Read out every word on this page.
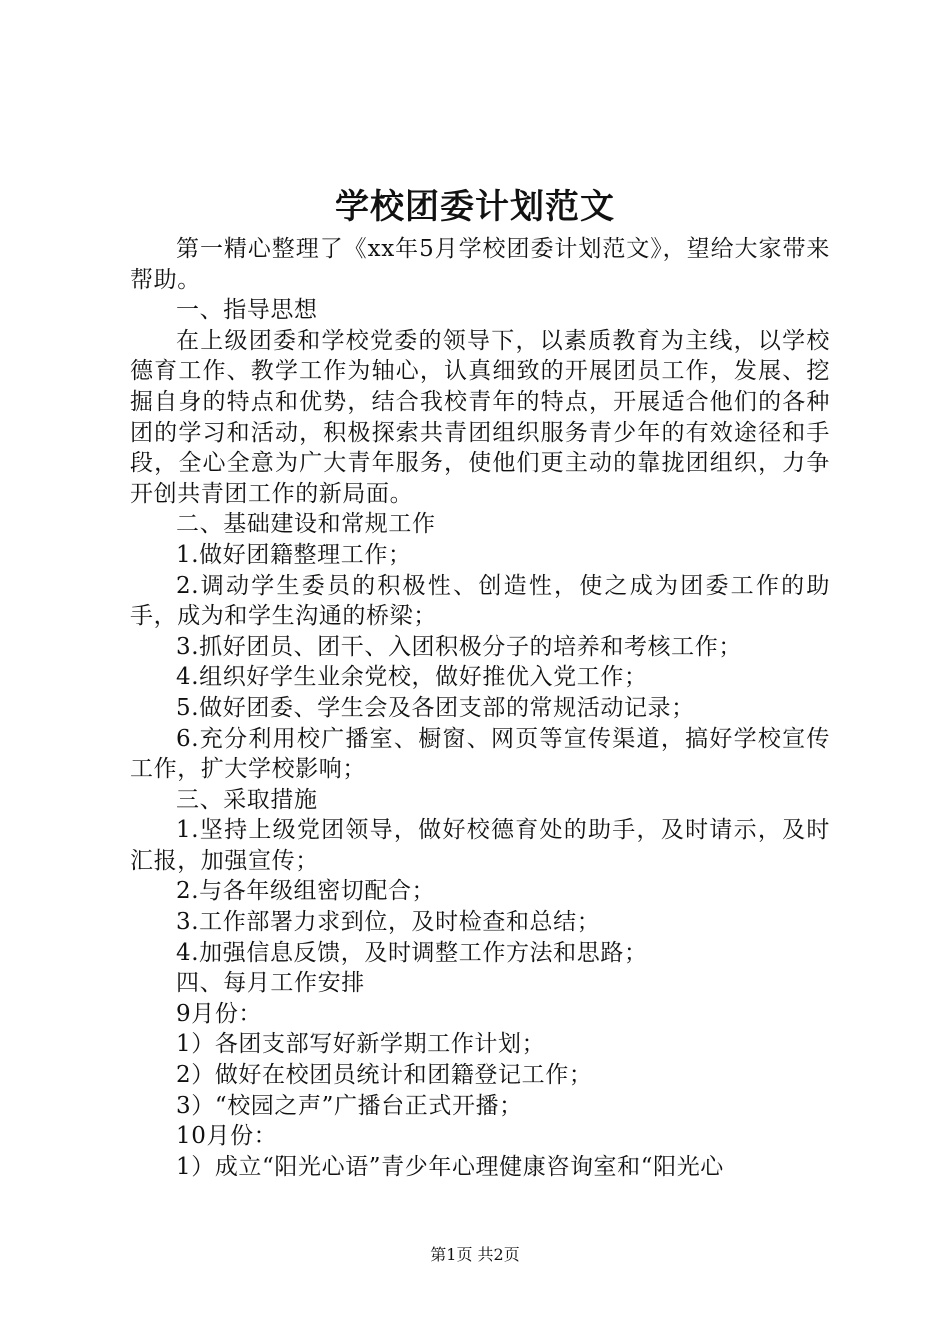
学校团委计划范文

第一精心整理了《xx年5月学校团委计划范文》，望给大家带来帮助。

一、指导思想

在上级团委和学校党委的领导下，以素质教育为主线，以学校德育工作、教学工作为轴心，认真细致的开展团员工作，发展、挖掘自身的特点和优势，结合我校青年的特点，开展适合他们的各种团的学习和活动，积极探索共青团组织服务青少年的有效途径和手段，全心全意为广大青年服务，使他们更主动的靠拢团组织，力争开创共青团工作的新局面。

二、基础建设和常规工作

1.做好团籍整理工作；

2.调动学生委员的积极性、创造性，使之成为团委工作的助手，成为和学生沟通的桥梁；

3.抓好团员、团干、入团积极分子的培养和考核工作；

4.组织好学生业余党校，做好推优入党工作；

5.做好团委、学生会及各团支部的常规活动记录；

6.充分利用校广播室、橱窗、网页等宣传渠道，搞好学校宣传工作，扩大学校影响；

三、采取措施

1.坚持上级党团领导，做好校德育处的助手，及时请示，及时汇报，加强宣传；

2.与各年级组密切配合；

3.工作部署力求到位，及时检查和总结；

4.加强信息反馈，及时调整工作方法和思路；

四、每月工作安排

9月份：

1）各团支部写好新学期工作计划；

2）做好在校团员统计和团籍登记工作；

3）“校园之声”广播台正式开播；

10月份：

1）成立“阳光心语”青少年心理健康咨询室和“阳光心

第1页 共2页
